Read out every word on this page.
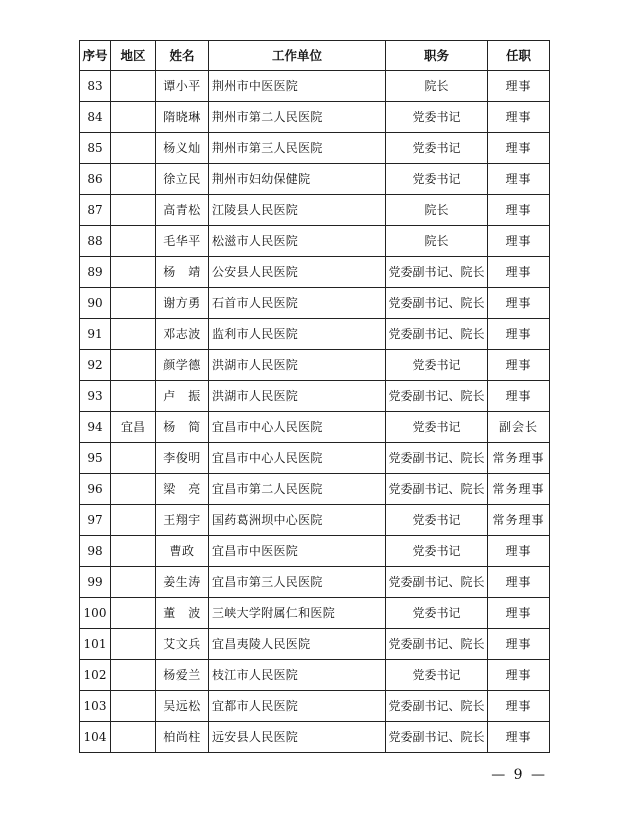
序号	地区	姓名	工作单位	职务	任职
83		谭小平	荆州市中医医院	院长	理事
84		隋晓琳	荆州市第二人民医院	党委书记	理事
85		杨义灿	荆州市第三人民医院	党委书记	理事
86		徐立民	荆州市妇幼保健院	党委书记	理事
87		高青松	江陵县人民医院	院长	理事
88		毛华平	松滋市人民医院	院长	理事
89		杨　靖	公安县人民医院	党委副书记、院长	理事
90		谢方勇	石首市人民医院	党委副书记、院长	理事
91		邓志波	监利市人民医院	党委副书记、院长	理事
92		颜学德	洪湖市人民医院	党委书记	理事
93		卢　振	洪湖市人民医院	党委副书记、院长	理事
94	宜昌	杨　简	宜昌市中心人民医院	党委书记	副会长
95		李俊明	宜昌市中心人民医院	党委副书记、院长	常务理事
96		梁　亮	宜昌市第二人民医院	党委副书记、院长	常务理事
97		王翔宇	国药葛洲坝中心医院	党委书记	常务理事
98		曹政	宜昌市中医医院	党委书记	理事
99		姜生涛	宜昌市第三人民医院	党委副书记、院长	理事
100		董　波	三峡大学附属仁和医院	党委书记	理事
101		艾文兵	宜昌夷陵人民医院	党委副书记、院长	理事
102		杨爱兰	枝江市人民医院	党委书记	理事
103		吴远松	宜都市人民医院	党委副书记、院长	理事
104		柏尚柱	远安县人民医院	党委副书记、院长	理事
— 9 —
